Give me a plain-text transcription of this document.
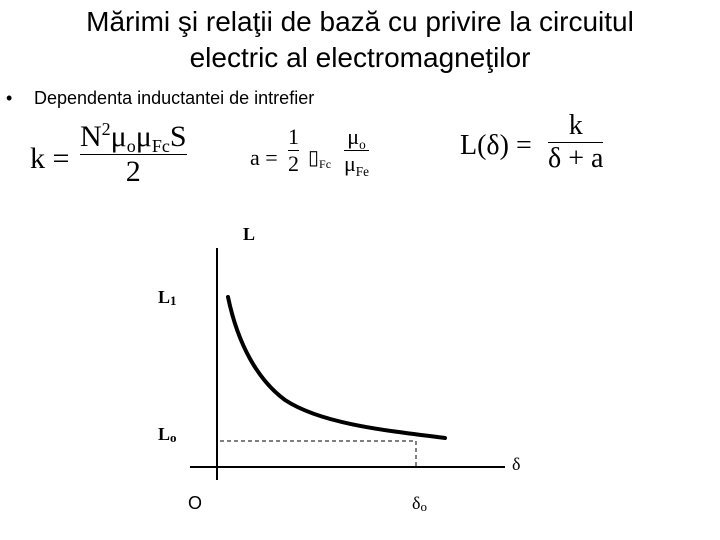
Mărimi şi relaţii de bază cu privire la circuitul
electric al electromagneţilor
• Dependenta inductantei de intrefier
k =
$N^2\mu_o\mu_{Fc}S$
2	a =
1
2 $▯_{Fc}$
$\mu_o$
$\mu_{Fe}$
L(δ) =
k
δ + a
L
L1
Lo
δ
O	δo
